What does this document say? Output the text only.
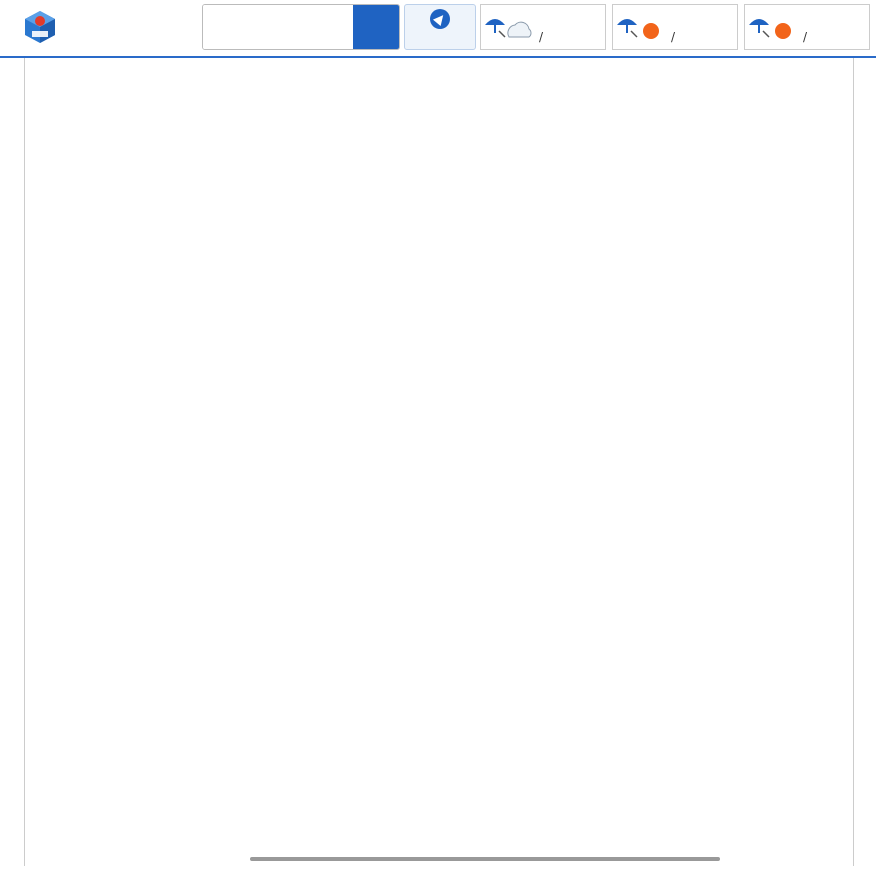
/	/	/
